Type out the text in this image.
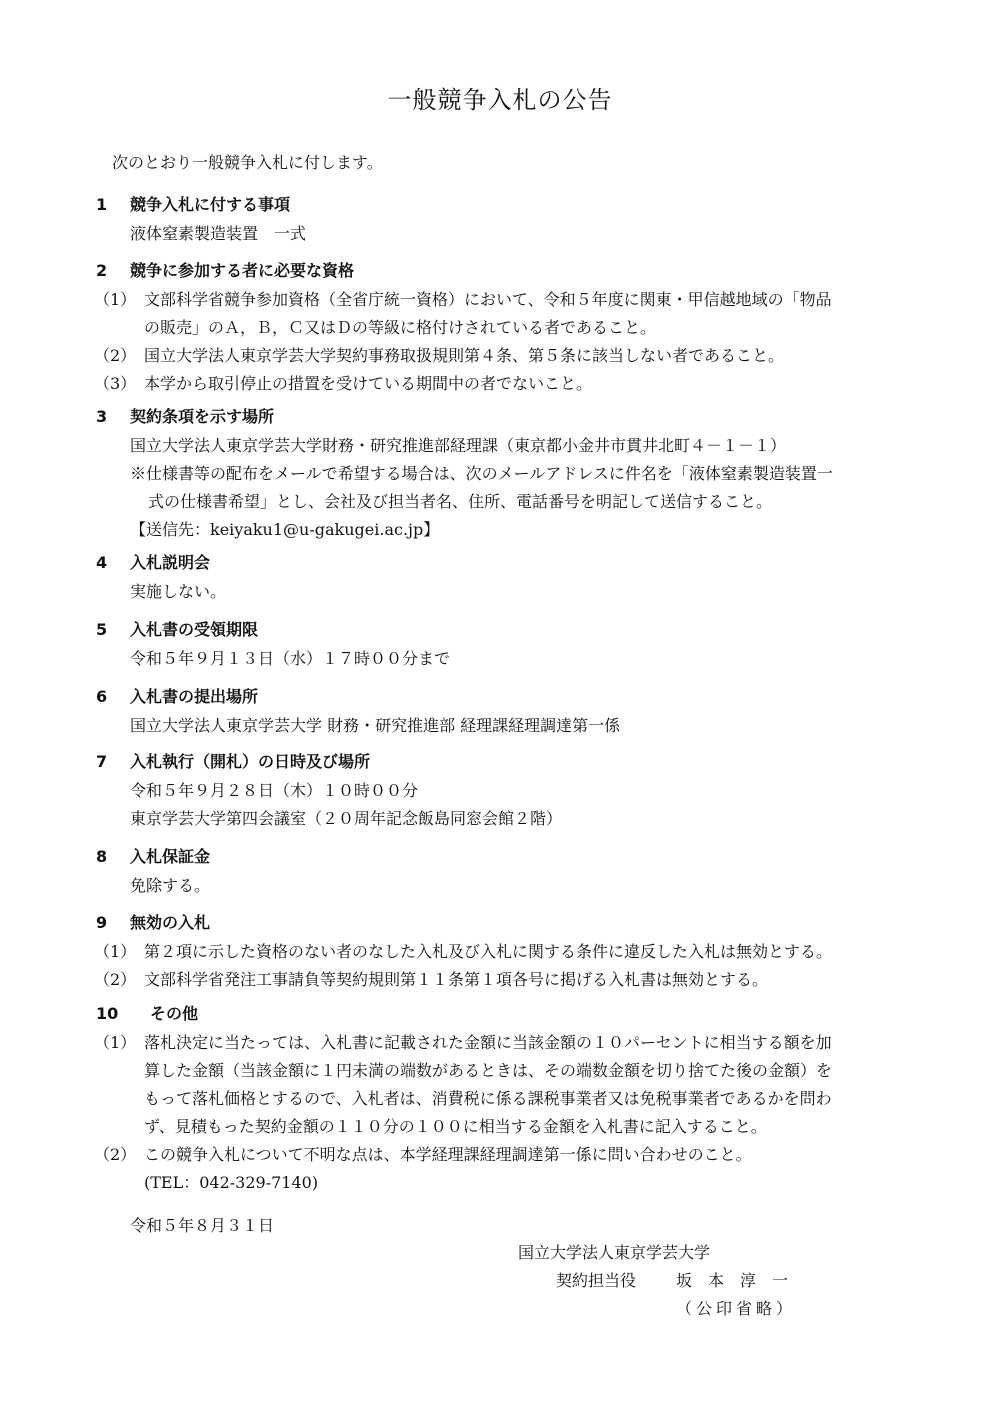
一般競争入札の公告
次のとおり一般競争入札に付します。
1 競争入札に付する事項
液体窒素製造装置　一式
2 競争に参加する者に必要な資格
（1） 文部科学省競争参加資格（全省庁統一資格）において、令和５年度に関東・甲信越地域の「物品
の販売」のＡ，Ｂ，Ｃ又はＤの等級に格付けされている者であること。
（2） 国立大学法人東京学芸大学契約事務取扱規則第４条、第５条に該当しない者であること。
（3） 本学から取引停止の措置を受けている期間中の者でないこと。
3 契約条項を示す場所
国立大学法人東京学芸大学財務・研究推進部経理課（東京都小金井市貫井北町４－１－１）
※仕様書等の配布をメールで希望する場合は、次のメールアドレスに件名を「液体窒素製造装置一
式の仕様書希望」とし、会社及び担当者名、住所、電話番号を明記して送信すること。
【送信先：keiyaku1@u-gakugei.ac.jp】
4 入札説明会
実施しない。
5 入札書の受領期限
令和５年９月１３日（水）１７時００分まで
6 入札書の提出場所
国立大学法人東京学芸大学 財務・研究推進部 経理課経理調達第一係
7 入札執行（開札）の日時及び場所
令和５年９月２８日（木）１０時００分
東京学芸大学第四会議室（２０周年記念飯島同窓会館２階）
8 入札保証金
免除する。
9 無効の入札
（1） 第２項に示した資格のない者のなした入札及び入札に関する条件に違反した入札は無効とする。
（2） 文部科学省発注工事請負等契約規則第１１条第１項各号に掲げる入札書は無効とする。
10 その他
（1） 落札決定に当たっては、入札書に記載された金額に当該金額の１０パーセントに相当する額を加
算した金額（当該金額に１円未満の端数があるときは、その端数金額を切り捨てた後の金額）を
もって落札価格とするので、入札者は、消費税に係る課税事業者又は免税事業者であるかを問わ
ず、見積もった契約金額の１１０分の１００に相当する金額を入札書に記入すること。
（2） この競争入札について不明な点は、本学経理課経理調達第一係に問い合わせのこと。
(TEL：042-329-7140)
令和５年８月３１日
国立大学法人東京学芸大学
契約担当役 坂　本　淳　一
（公印省略）
